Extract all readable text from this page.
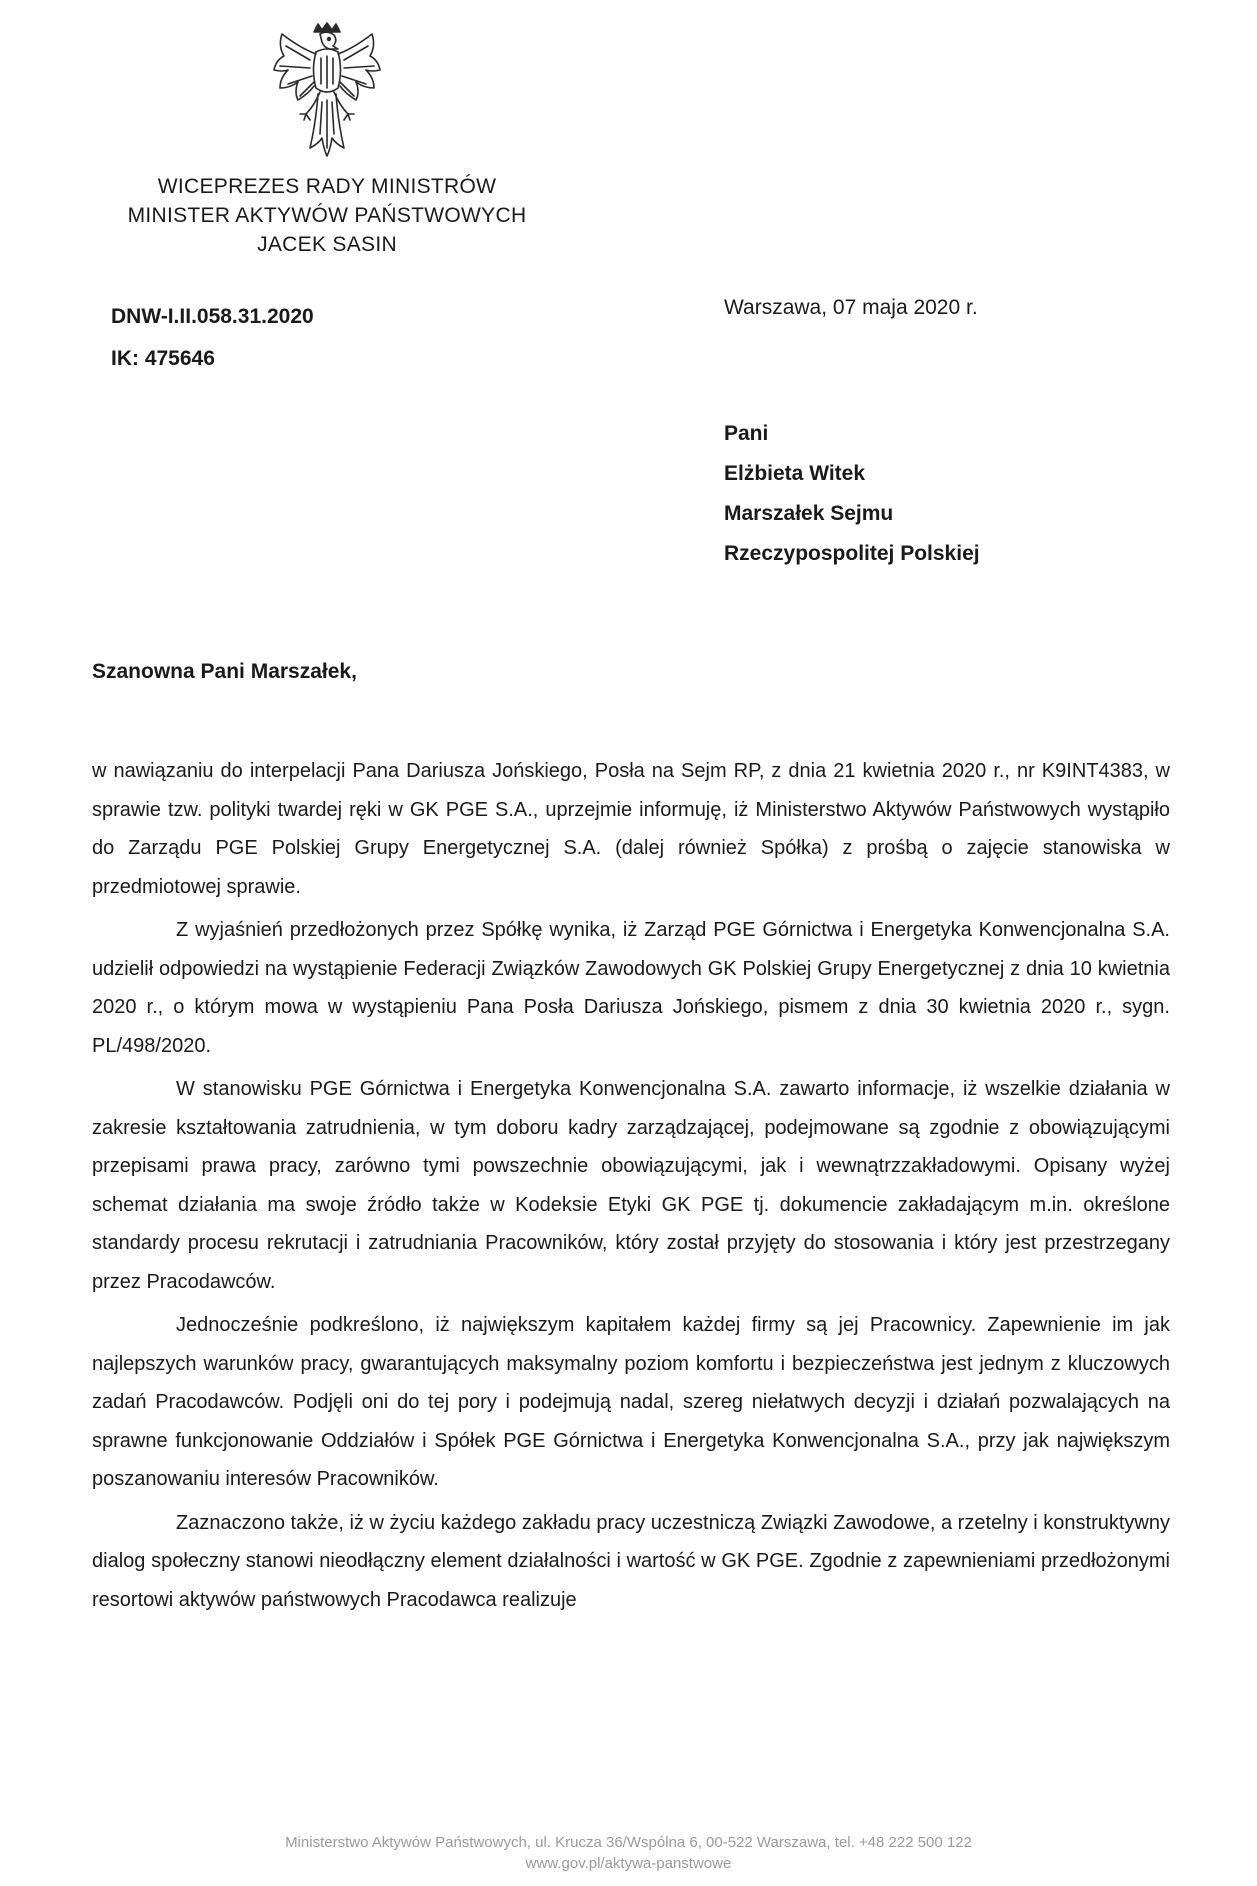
WICEPREZES RADY MINISTRÓW
MINISTER AKTYWÓW PAŃSTWOWYCH
JACEK SASIN
DNW-I.II.058.31.2020
IK: 475646
Warszawa, 07 maja 2020 r.
Pani
Elżbieta Witek
Marszałek Sejmu
Rzeczypospolitej Polskiej
Szanowna Pani Marszałek,

w nawiązaniu do interpelacji Pana Dariusza Jońskiego, Posła na Sejm RP, z dnia 21 kwietnia 2020 r., nr K9INT4383, w sprawie tzw. polityki twardej ręki w GK PGE S.A., uprzejmie informuję, iż Ministerstwo Aktywów Państwowych wystąpiło do Zarządu PGE Polskiej Grupy Energetycznej S.A. (dalej również Spółka) z prośbą o zajęcie stanowiska w przedmiotowej sprawie.

Z wyjaśnień przedłożonych przez Spółkę wynika, iż Zarząd PGE Górnictwa i Energetyka Konwencjonalna S.A. udzielił odpowiedzi na wystąpienie Federacji Związków Zawodowych GK Polskiej Grupy Energetycznej z dnia 10 kwietnia 2020 r., o którym mowa w wystąpieniu Pana Posła Dariusza Jońskiego, pismem z dnia 30 kwietnia 2020 r., sygn. PL/498/2020.

W stanowisku PGE Górnictwa i Energetyka Konwencjonalna S.A. zawarto informacje, iż wszelkie działania w zakresie kształtowania zatrudnienia, w tym doboru kadry zarządzającej, podejmowane są zgodnie z obowiązującymi przepisami prawa pracy, zarówno tymi powszechnie obowiązującymi, jak i wewnątrzzakładowymi. Opisany wyżej schemat działania ma swoje źródło także w Kodeksie Etyki GK PGE tj. dokumencie zakładającym m.in. określone standardy procesu rekrutacji i zatrudniania Pracowników, który został przyjęty do stosowania i który jest przestrzegany przez Pracodawców.

Jednocześnie podkreślono, iż największym kapitałem każdej firmy są jej Pracownicy. Zapewnienie im jak najlepszych warunków pracy, gwarantujących maksymalny poziom komfortu i bezpieczeństwa jest jednym z kluczowych zadań Pracodawców. Podjęli oni do tej pory i podejmują nadal, szereg niełatwych decyzji i działań pozwalających na sprawne funkcjonowanie Oddziałów i Spółek PGE Górnictwa i Energetyka Konwencjonalna S.A., przy jak największym poszanowaniu interesów Pracowników.

Zaznaczono także, iż w życiu każdego zakładu pracy uczestniczą Związki Zawodowe, a rzetelny i konstruktywny dialog społeczny stanowi nieodłączny element działalności i wartość w GK PGE. Zgodnie z zapewnieniami przedłożonymi resortowi aktywów państwowych Pracodawca realizuje

Ministerstwo Aktywów Państwowych, ul. Krucza 36/Wspólna 6, 00-522 Warszawa, tel. +48 222 500 122
www.gov.pl/aktywa-panstwowe
